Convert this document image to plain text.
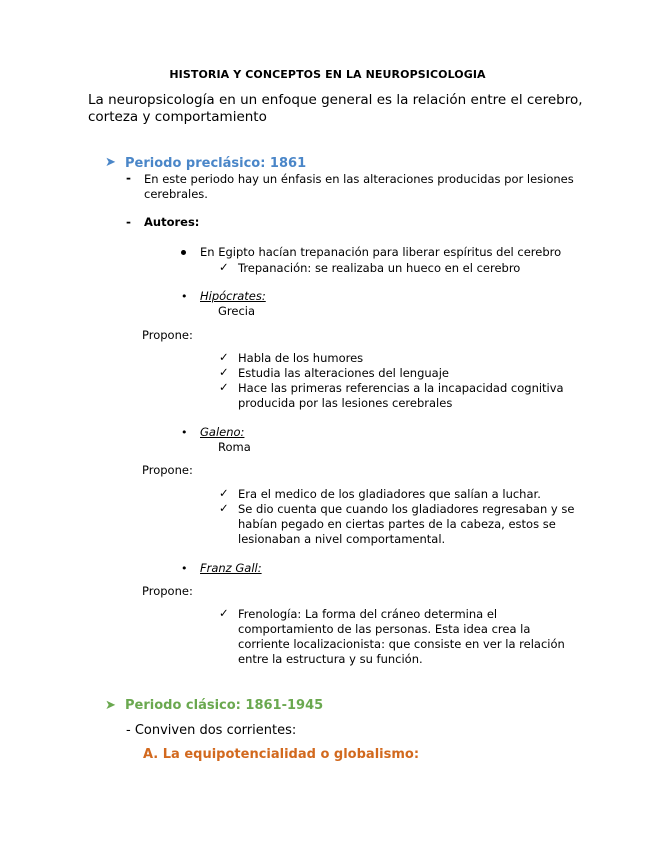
HISTORIA Y CONCEPTOS EN LA NEUROPSICOLOGIA
La neuropsicología en un enfoque general es la relación entre el cerebro, corteza y comportamiento
➤ Periodo preclásico: 1861
- En este periodo hay un énfasis en las alteraciones producidas por lesiones
cerebrales.
- Autores:
En Egipto hacían trepanación para liberar espíritus del cerebro
✓ Trepanación: se realizaba un hueco en el cerebro
• Hipócrates:
Grecia
Propone:
✓ Habla de los humores
✓ Estudia las alteraciones del lenguaje
✓ Hace las primeras referencias a la incapacidad cognitiva
producida por las lesiones cerebrales
• Galeno:
Roma
Propone:
✓ Era el medico de los gladiadores que salían a luchar.
✓ Se dio cuenta que cuando los gladiadores regresaban y se
habían pegado en ciertas partes de la cabeza, estos se
lesionaban a nivel comportamental.
• Franz Gall:
Propone:
✓ Frenología: La forma del cráneo determina el
comportamiento de las personas. Esta idea crea la
corriente localizacionista: que consiste en ver la relación
entre la estructura y su función.
➤ Periodo clásico: 1861-1945
- Conviven dos corrientes:
A. La equipotencialidad o globalismo:
